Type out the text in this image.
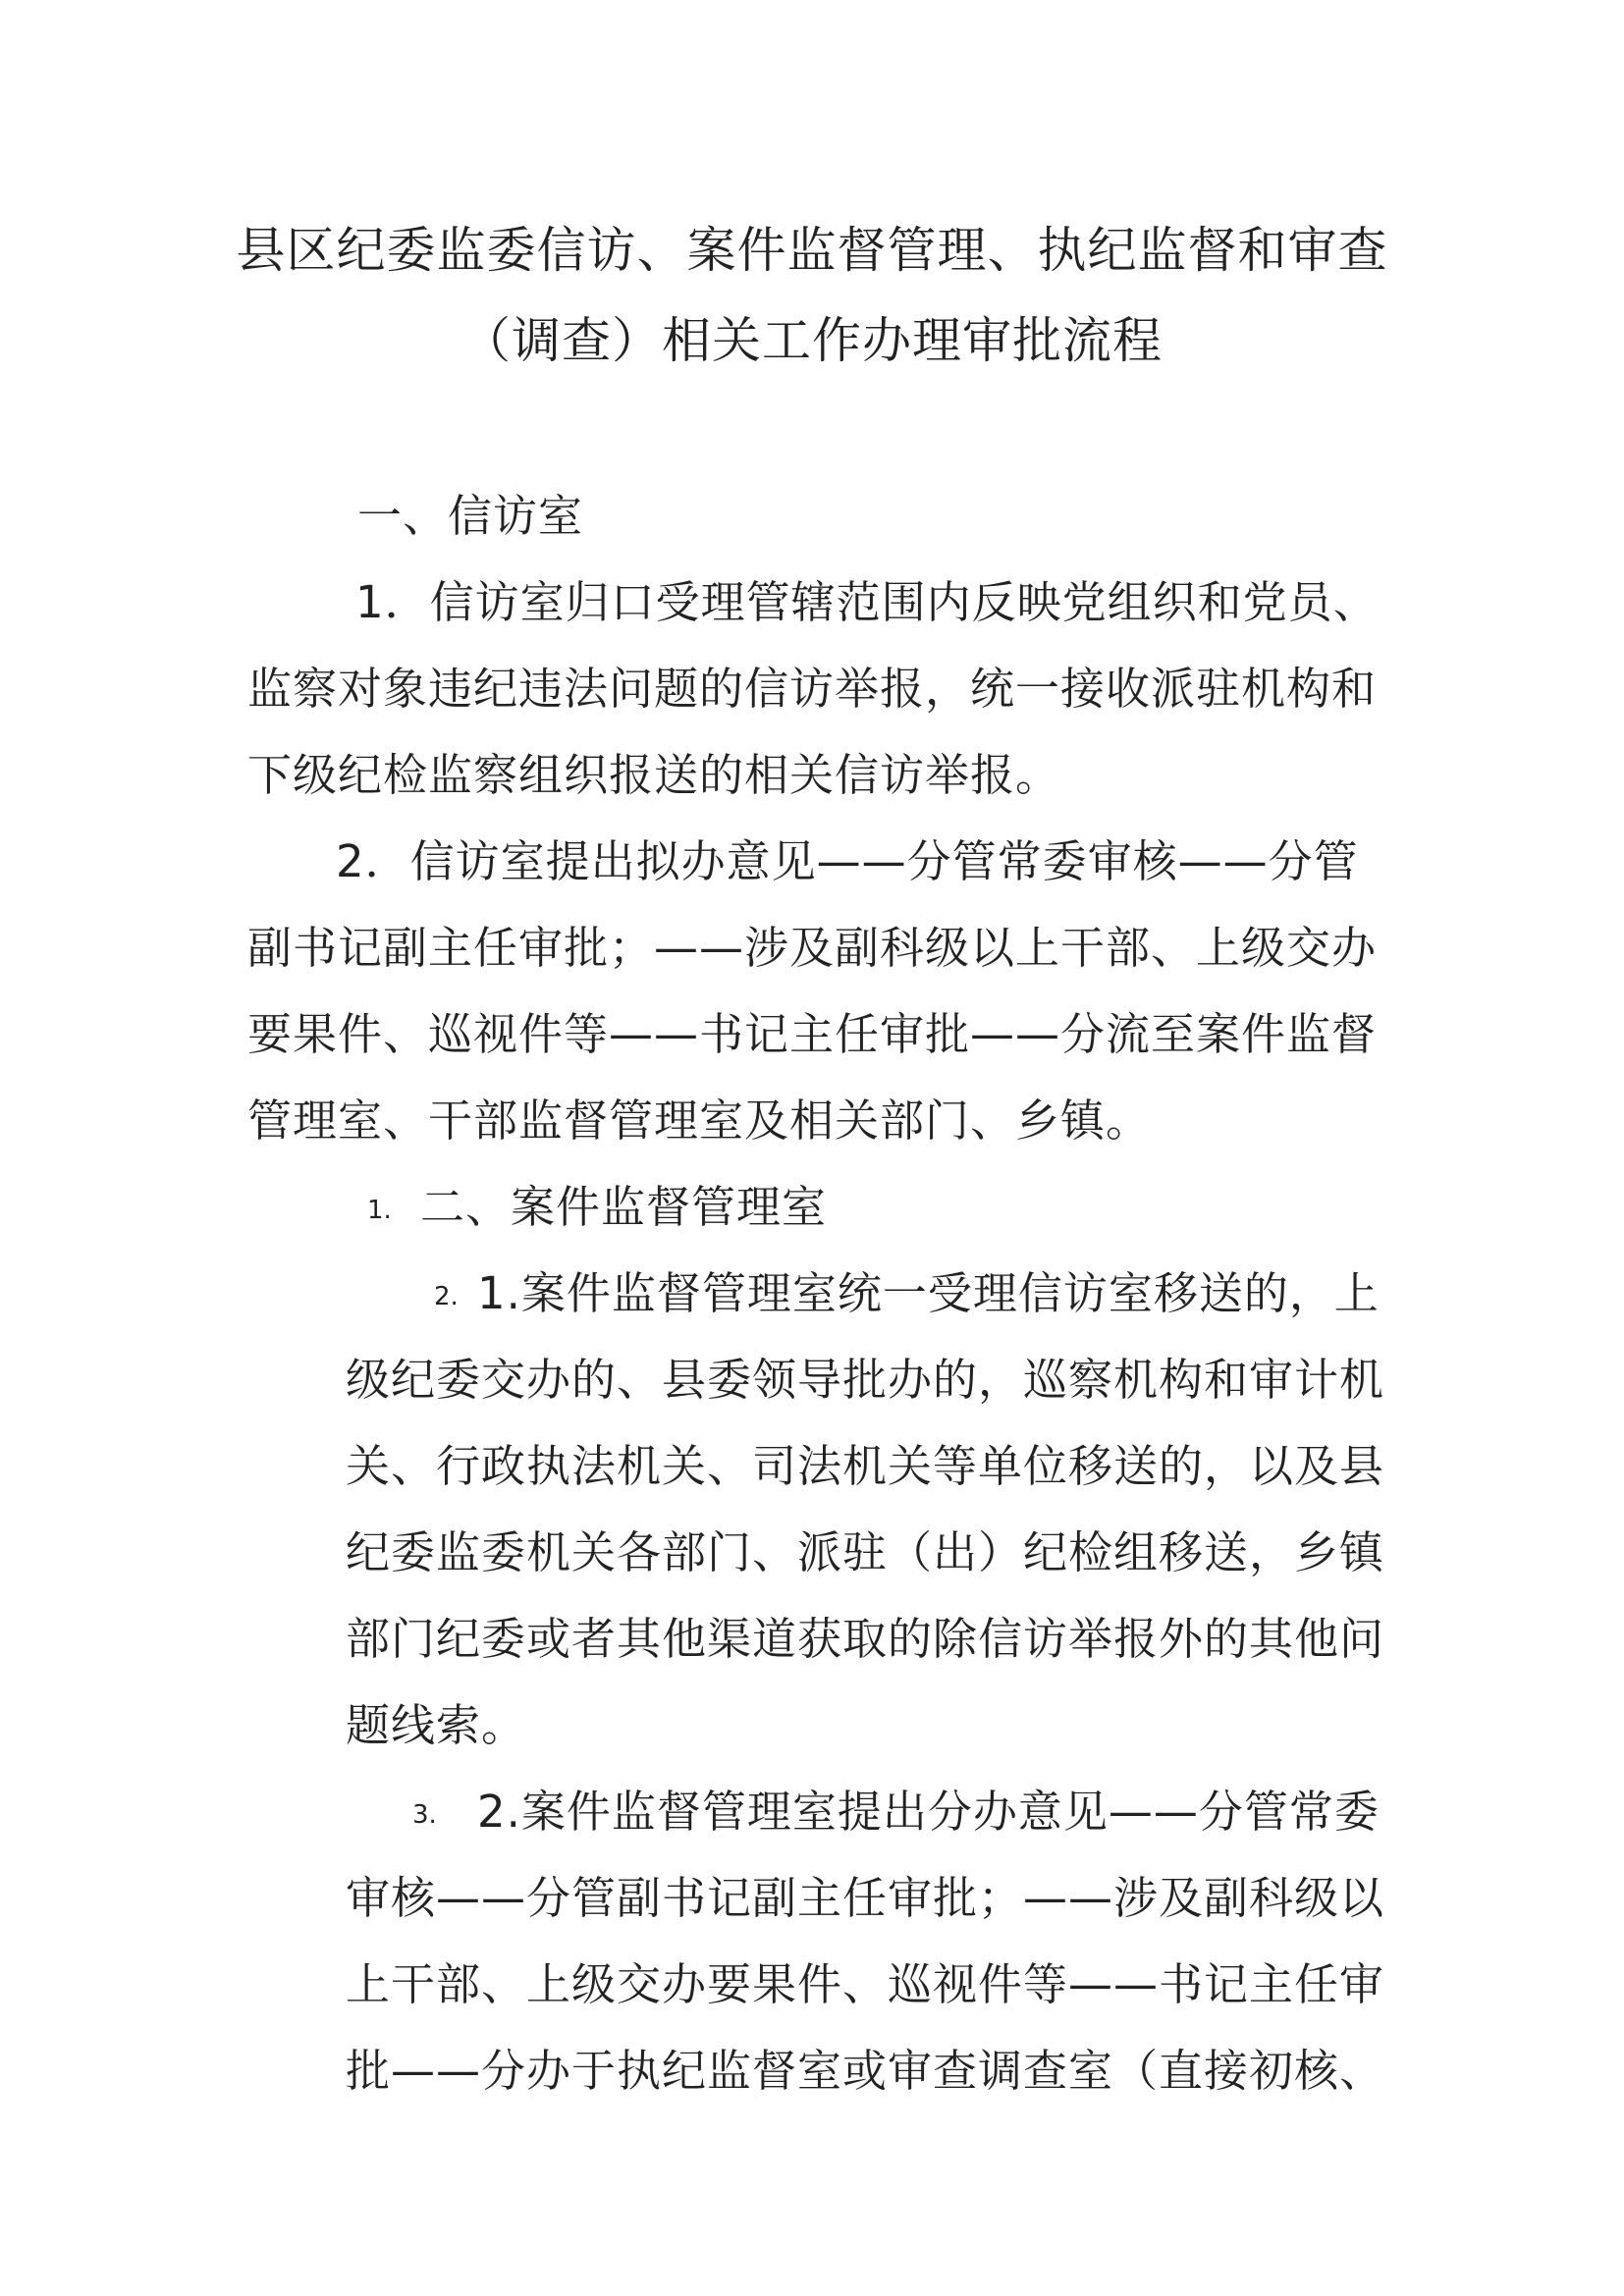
县区纪委监委信访、案件监督管理、执纪监督和审查
（调查）相关工作办理审批流程
一、信访室
1．信访室归口受理管辖范围内反映党组织和党员、
监察对象违纪违法问题的信访举报，统一接收派驻机构和
下级纪检监察组织报送的相关信访举报。
2．信访室提出拟办意见——分管常委审核——分管
副书记副主任审批；——涉及副科级以上干部、上级交办
要果件、巡视件等——书记主任审批——分流至案件监督
管理室、干部监督管理室及相关部门、乡镇。
1. 二、案件监督管理室
2. 1.案件监督管理室统一受理信访室移送的，上
级纪委交办的、县委领导批办的，巡察机构和审计机
关、行政执法机关、司法机关等单位移送的，以及县
纪委监委机关各部门、派驻（出）纪检组移送，乡镇
部门纪委或者其他渠道获取的除信访举报外的其他问
题线索。
3. 2.案件监督管理室提出分办意见——分管常委
审核——分管副书记副主任审批；——涉及副科级以
上干部、上级交办要果件、巡视件等——书记主任审
批——分办于执纪监督室或审查调查室（直接初核、
